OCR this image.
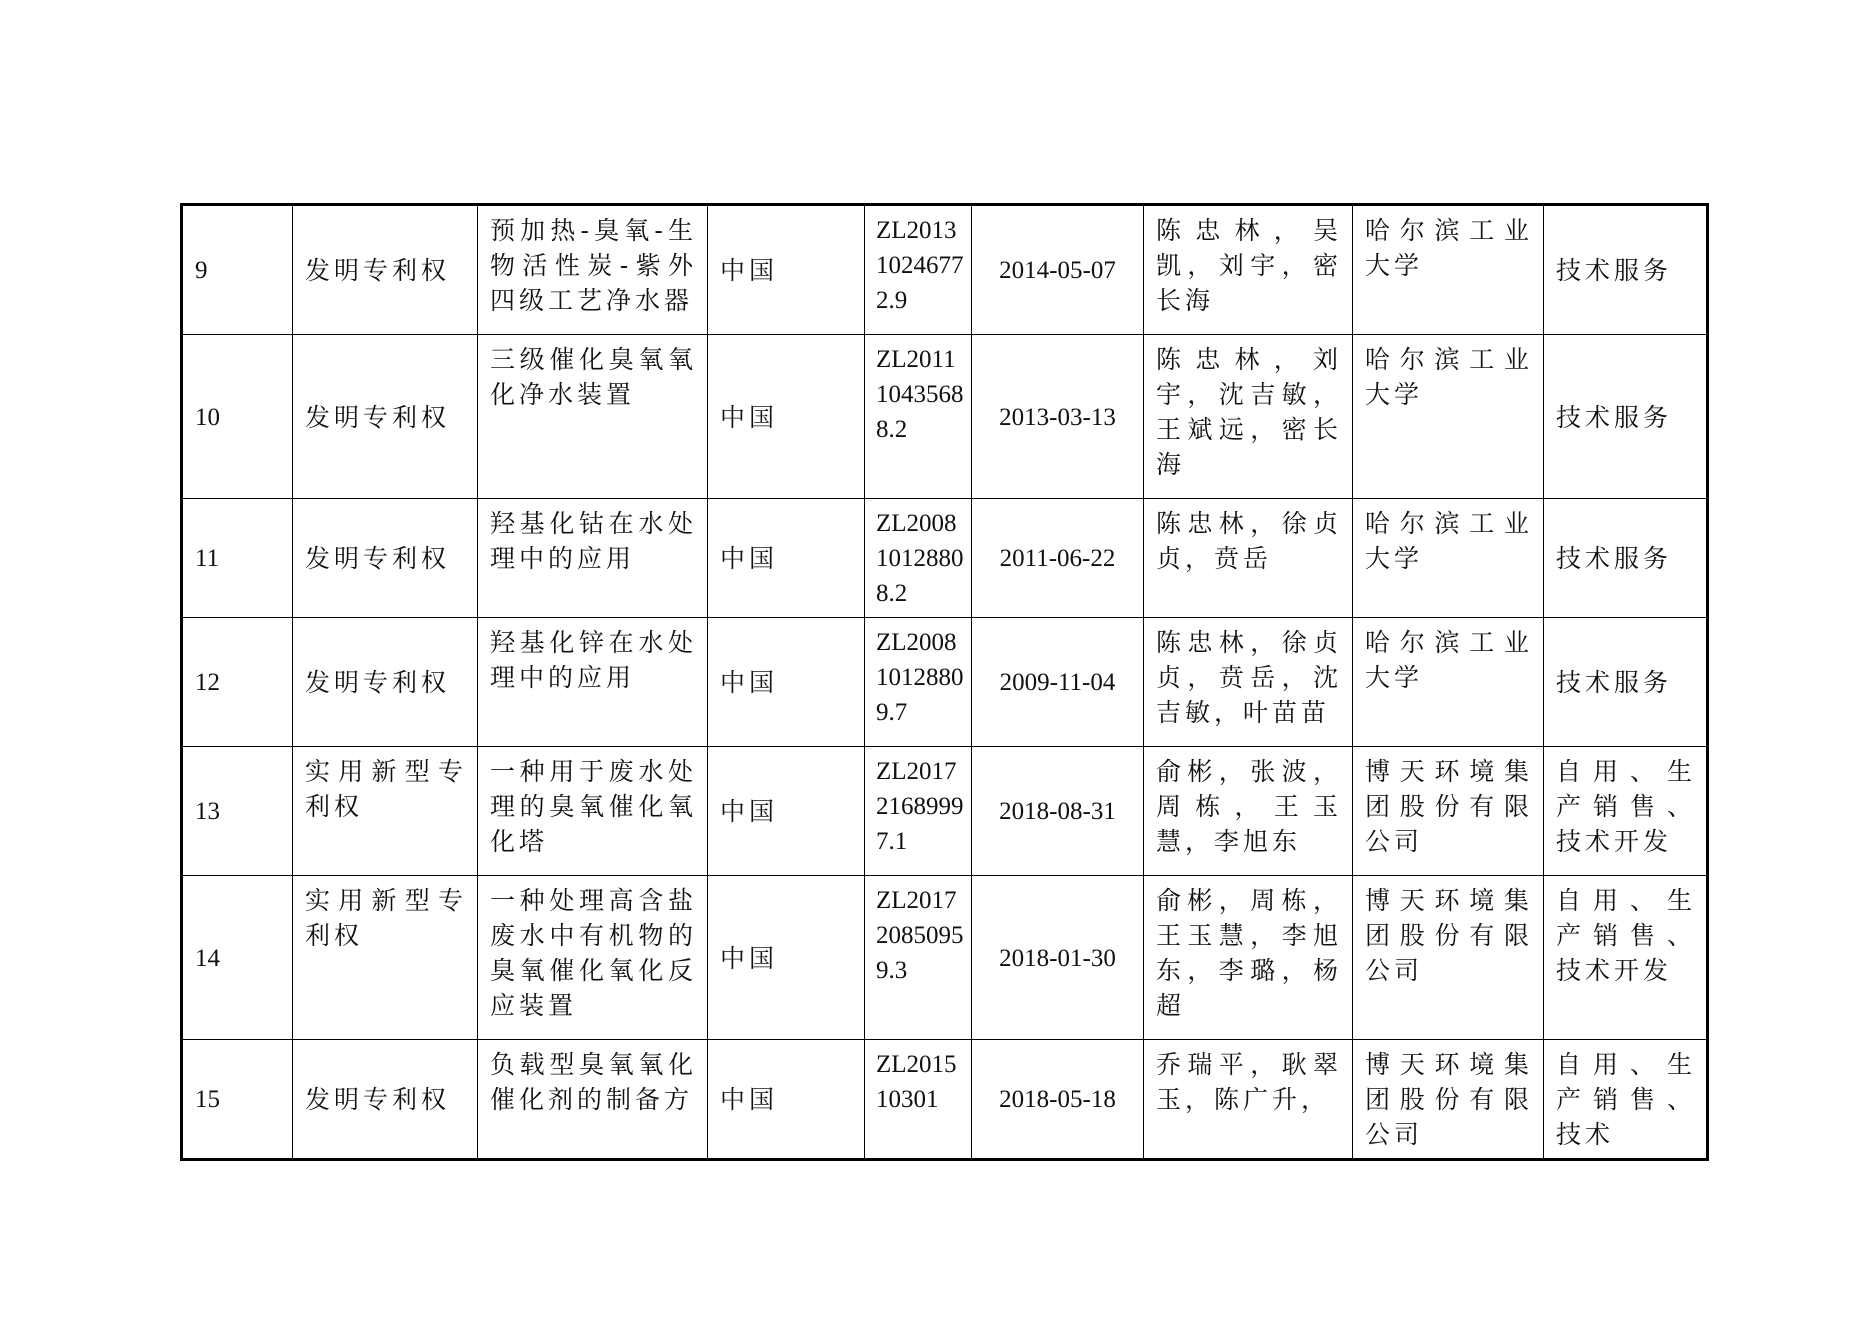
9	发明专利权	预加热-臭氧-生物活性炭-紫外四级工艺净水器	中国	ZL201310246772.9	2014-05-07	陈忠林，吴凯，刘宇，密长海	哈尔滨工业大学	技术服务
10	发明专利权	三级催化臭氧氧化净水装置	中国	ZL201110435688.2	2013-03-13	陈忠林，刘宇，沈吉敏，王斌远，密长海	哈尔滨工业大学	技术服务
11	发明专利权	羟基化钴在水处理中的应用	中国	ZL200810128808.2	2011-06-22	陈忠林，徐贞贞，贲岳	哈尔滨工业大学	技术服务
12	发明专利权	羟基化锌在水处理中的应用	中国	ZL200810128809.7	2009-11-04	陈忠林，徐贞贞，贲岳，沈吉敏，叶苗苗	哈尔滨工业大学	技术服务
13	实用新型专利权	一种用于废水处理的臭氧催化氧化塔	中国	ZL201721689997.1	2018-08-31	俞彬，张波，周栋，王玉慧，李旭东	博天环境集团股份有限公司	自用、生产销售、技术开发
14	实用新型专利权	一种处理高含盐废水中有机物的臭氧催化氧化反应装置	中国	ZL201720850959.3	2018-01-30	俞彬，周栋，王玉慧，李旭东，李璐，杨超	博天环境集团股份有限公司	自用、生产销售、技术开发
15	发明专利权	负载型臭氧氧化催化剂的制备方	中国	ZL201510301	2018-05-18	乔瑞平，耿翠玉，陈广升，	博天环境集团股份有限公司	自用、生产销售、技术
